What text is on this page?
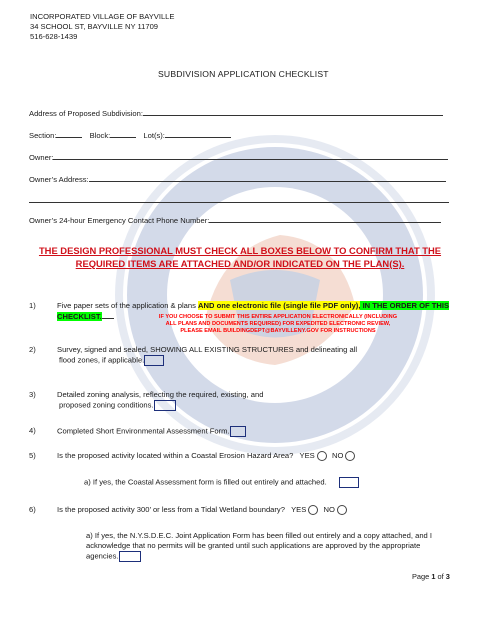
INCORPORATED VILLAGE OF BAYVILLE
34 SCHOOL ST, BAYVILLE NY 11709
516-628-1439
SUBDIVISION APPLICATION CHECKLIST
Address of Proposed Subdivision:
Section:	Block:	Lot(s):
Owner:
Owner’s Address:
Owner’s 24-hour Emergency Contact Phone Number:
THE DESIGN PROFESSIONAL MUST CHECK ALL BOXES BELOW TO CONFIRM THAT THE
REQUIRED ITEMS ARE ATTACHED AND/OR INDICATED ON THE PLAN(S).
1)	Five paper sets of the application & plans AND one electronic file (single file PDF only), IN THE ORDER OF THIS
CHECKLIST.	IF YOU CHOOSE TO SUBMIT THIS ENTIRE APPLICATION ELECTRONICALLY (INCLUDING
ALL PLANS AND DOCUMENTS REQUIRED) FOR EXPEDITED ELECTRONIC REVIEW,
PLEASE EMAIL BUILDINGDEPT@BAYVILLENY.GOV FOR INSTRUCTIONS
2)	Survey, signed and sealed, SHOWING ALL EXISTING STRUCTURES and delineating all
flood zones, if applicable.
3)	Detailed zoning analysis, reflecting the required, existing, and
proposed zoning conditions.
4)	Completed Short Environmental Assessment Form.
5)	Is the proposed activity located within a Coastal Erosion Hazard Area? YES NO
a) If yes, the Coastal Assessment form is filled out entirely and attached.
6)	Is the proposed activity 300’ or less from a Tidal Wetland boundary? YES NO
a) If yes, the N.Y.S.D.E.C. Joint Application Form has been filled out entirely and a copy attached, and I
acknowledge that no permits will be granted until such applications are approved by the appropriate
agencies.
Page 1 of 3
